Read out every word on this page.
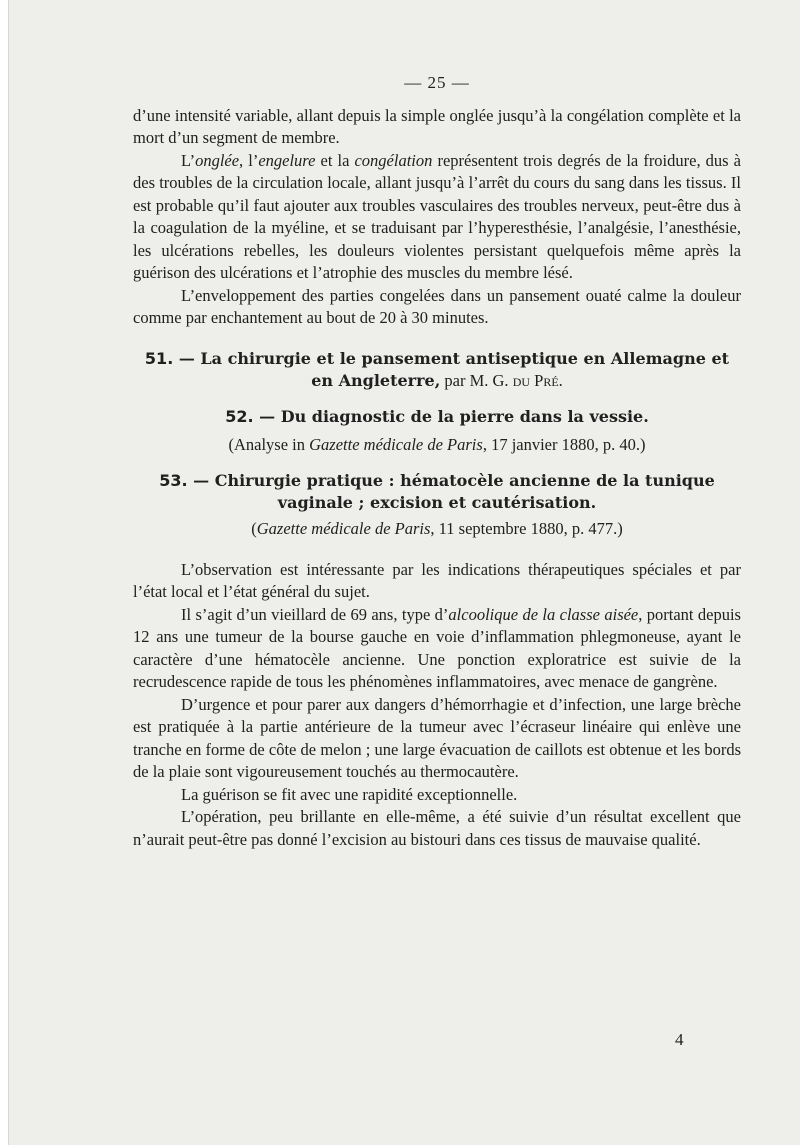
— 25 —

d’une intensité variable, allant depuis la simple onglée jusqu’à la congélation complète et la mort d’un segment de membre.

L’onglée, l’engelure et la congélation représentent trois degrés de la froidure, dus à des troubles de la circulation locale, allant jusqu’à l’arrêt du cours du sang dans les tissus. Il est probable qu’il faut ajouter aux troubles vasculaires des troubles nerveux, peut-être dus à la coagulation de la myéline, et se traduisant par l’hyperesthésie, l’analgésie, l’anesthésie, les ulcérations rebelles, les douleurs violentes persistant quelquefois même après la guérison des ulcérations et l’atrophie des muscles du membre lésé.

L’enveloppement des parties congelées dans un pansement ouaté calme la douleur comme par enchantement au bout de 20 à 30 minutes.

51. — La chirurgie et le pansement antiseptique en Allemagne et en Angleterre, par M. G. du Pré.
52. — Du diagnostic de la pierre dans la vessie.

(Analyse in Gazette médicale de Paris, 17 janvier 1880, p. 40.)

53. — Chirurgie pratique : hématocèle ancienne de la tunique vaginale ; excision et cautérisation.

(Gazette médicale de Paris, 11 septembre 1880, p. 477.)

L’observation est intéressante par les indications thérapeutiques spéciales et par l’état local et l’état général du sujet.

Il s’agit d’un vieillard de 69 ans, type d’alcoolique de la classe aisée, portant depuis 12 ans une tumeur de la bourse gauche en voie d’inflammation phlegmoneuse, ayant le caractère d’une hématocèle ancienne. Une ponction exploratrice est suivie de la recrudescence rapide de tous les phénomènes inflammatoires, avec menace de gangrène.

D’urgence et pour parer aux dangers d’hémorrhagie et d’infection, une large brèche est pratiquée à la partie antérieure de la tumeur avec l’écraseur linéaire qui enlève une tranche en forme de côte de melon ; une large évacuation de caillots est obtenue et les bords de la plaie sont vigoureusement touchés au thermocautère.

La guérison se fit avec une rapidité exceptionnelle.

L’opération, peu brillante en elle-même, a été suivie d’un résultat excellent que n’aurait peut-être pas donné l’excision au bistouri dans ces tissus de mauvaise qualité.

4
